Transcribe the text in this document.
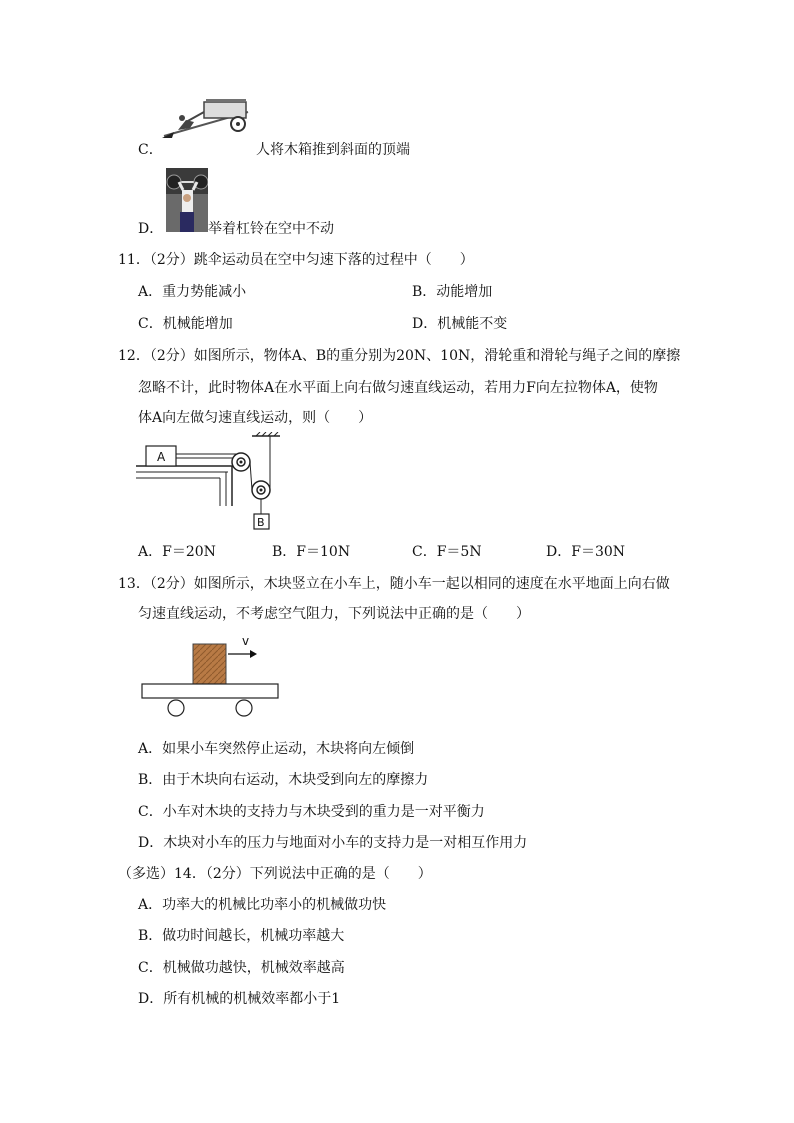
C．	人将木箱推到斜面的顶端
D．	举着杠铃在空中不动
11．（2分）跳伞运动员在空中匀速下落的过程中（　　）
A．重力势能减小	B．动能增加
C．机械能增加	D．机械能不变
12．（2分）如图所示，物体A、B的重分别为20N、10N，滑轮重和滑轮与绳子之间的摩擦
忽略不计，此时物体A在水平面上向右做匀速直线运动，若用力F向左拉物体A，使物
体A向左做匀速直线运动，则（　　）
A
B
A．F＝20N	B．F＝10N	C．F＝5N	D．F＝30N
13．（2分）如图所示，木块竖立在小车上，随小车一起以相同的速度在水平地面上向右做
匀速直线运动，不考虑空气阻力，下列说法中正确的是（　　）
v
A．如果小车突然停止运动，木块将向左倾倒
B．由于木块向右运动，木块受到向左的摩擦力
C．小车对木块的支持力与木块受到的重力是一对平衡力
D．木块对小车的压力与地面对小车的支持力是一对相互作用力
（多选）14．（2分）下列说法中正确的是（　　）
A．功率大的机械比功率小的机械做功快
B．做功时间越长，机械功率越大
C．机械做功越快，机械效率越高
D．所有机械的机械效率都小于1
